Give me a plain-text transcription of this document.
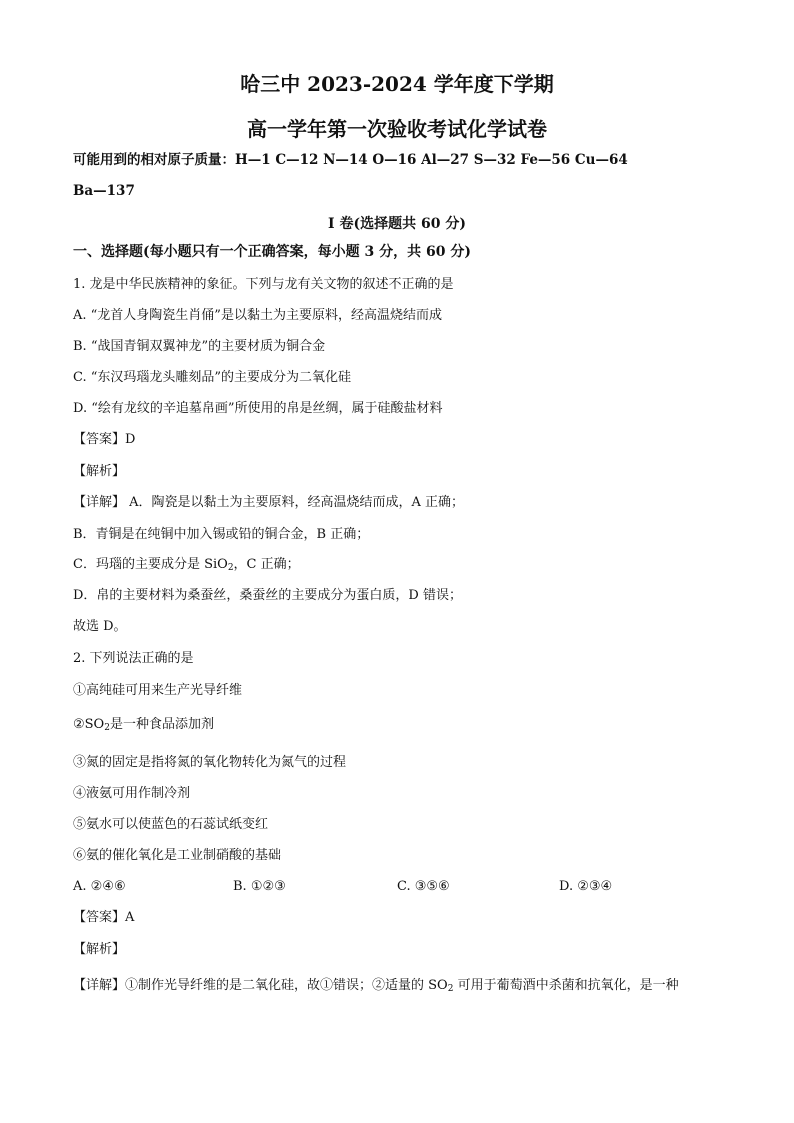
哈三中 2023-2024 学年度下学期
高一学年第一次验收考试化学试卷
可能用到的相对原子质量：H—1 C—12 N—14 O—16 Al—27 S—32 Fe—56 Cu—64
Ba—137
I 卷(选择题共 60 分)
一、选择题(每小题只有一个正确答案，每小题 3 分，共 60 分)
1. 龙是中华民族精神的象征。下列与龙有关文物的叙述不正确的是
A. “龙首人身陶瓷生肖俑”是以黏土为主要原料，经高温烧结而成
B. “战国青铜双翼神龙”的主要材质为铜合金
C. “东汉玛瑙龙头雕刻品”的主要成分为二氧化硅
D. “绘有龙纹的辛追墓帛画”所使用的帛是丝绸，属于硅酸盐材料
【答案】D
【解析】
【详解】 A．陶瓷是以黏土为主要原料，经高温烧结而成，A 正确；
B．青铜是在纯铜中加入锡或铅的铜合金，B 正确；
C．玛瑙的主要成分是 SiO$_2$，C 正确；
D．帛的主要材料为桑蚕丝，桑蚕丝的主要成分为蛋白质，D 错误；
故选 D。
2. 下列说法正确的是
①高纯硅可用来生产光导纤维
$②SO_2$是一种食品添加剂
③氮的固定是指将氮的氧化物转化为氮气的过程
④液氨可用作制冷剂
⑤氨水可以使蓝色的石蕊试纸变红
⑥氨的催化氧化是工业制硝酸的基础
A. ②④⑥	B. ①②③	C. ③⑤⑥	D. ②③④
【答案】A
【解析】
【详解】①制作光导纤维的是二氧化硅，故①错误；②适量的 $SO_2$ 可用于葡萄酒中杀菌和抗氧化，是一种
